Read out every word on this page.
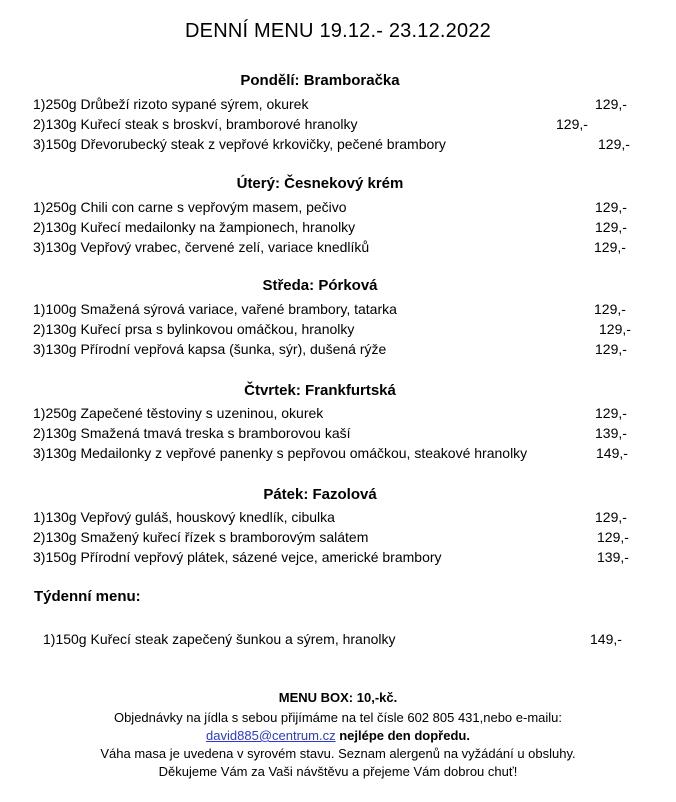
DENNÍ MENU 19.12.- 23.12.2022
Pondělí: Bramboračka
1)250g Drůbeží rizoto sypané sýrem, okurek	129,-
2)130g Kuřecí steak s broskví, bramborové hranolky	129,-
3)150g Dřevorubecký steak z vepřové krkovičky, pečené brambory	129,-
Úterý: Česnekový krém
1)250g Chili con carne s vepřovým masem, pečivo	129,-
2)130g Kuřecí medailonky na žampionech, hranolky	129,-
3)130g Vepřový vrabec, červené zelí, variace knedlíků	129,-
Středa: Pórková
1)100g Smažená sýrová variace, vařené brambory, tatarka	129,-
2)130g Kuřecí prsa s bylinkovou omáčkou, hranolky	129,-
3)130g Přírodní vepřová kapsa (šunka, sýr), dušená rýže	129,-
Čtvrtek: Frankfurtská
1)250g Zapečené těstoviny s uzeninou, okurek	129,-
2)130g Smažená tmavá treska s bramborovou kaší	139,-
3)130g Medailonky z vepřové panenky s pepřovou omáčkou, steakové hranolky	149,-
Pátek: Fazolová
1)130g Vepřový guláš, houskový knedlík, cibulka	129,-
2)130g Smažený kuřecí řízek s bramborovým salátem	129,-
3)150g Přírodní vepřový plátek, sázené vejce, americké brambory	139,-
Týdenní menu:
1)150g Kuřecí steak zapečený šunkou a sýrem, hranolky	149,-
MENU BOX: 10,-kč.
Objednávky na jídla s sebou přijímáme na tel čísle 602 805 431,nebo e-mailu:
david885@centrum.cz nejlépe den dopředu.
Váha masa je uvedena v syrovém stavu. Seznam alergenů na vyžádání u obsluhy.
Děkujeme Vám za Vaši návštěvu a přejeme Vám dobrou chuť!
